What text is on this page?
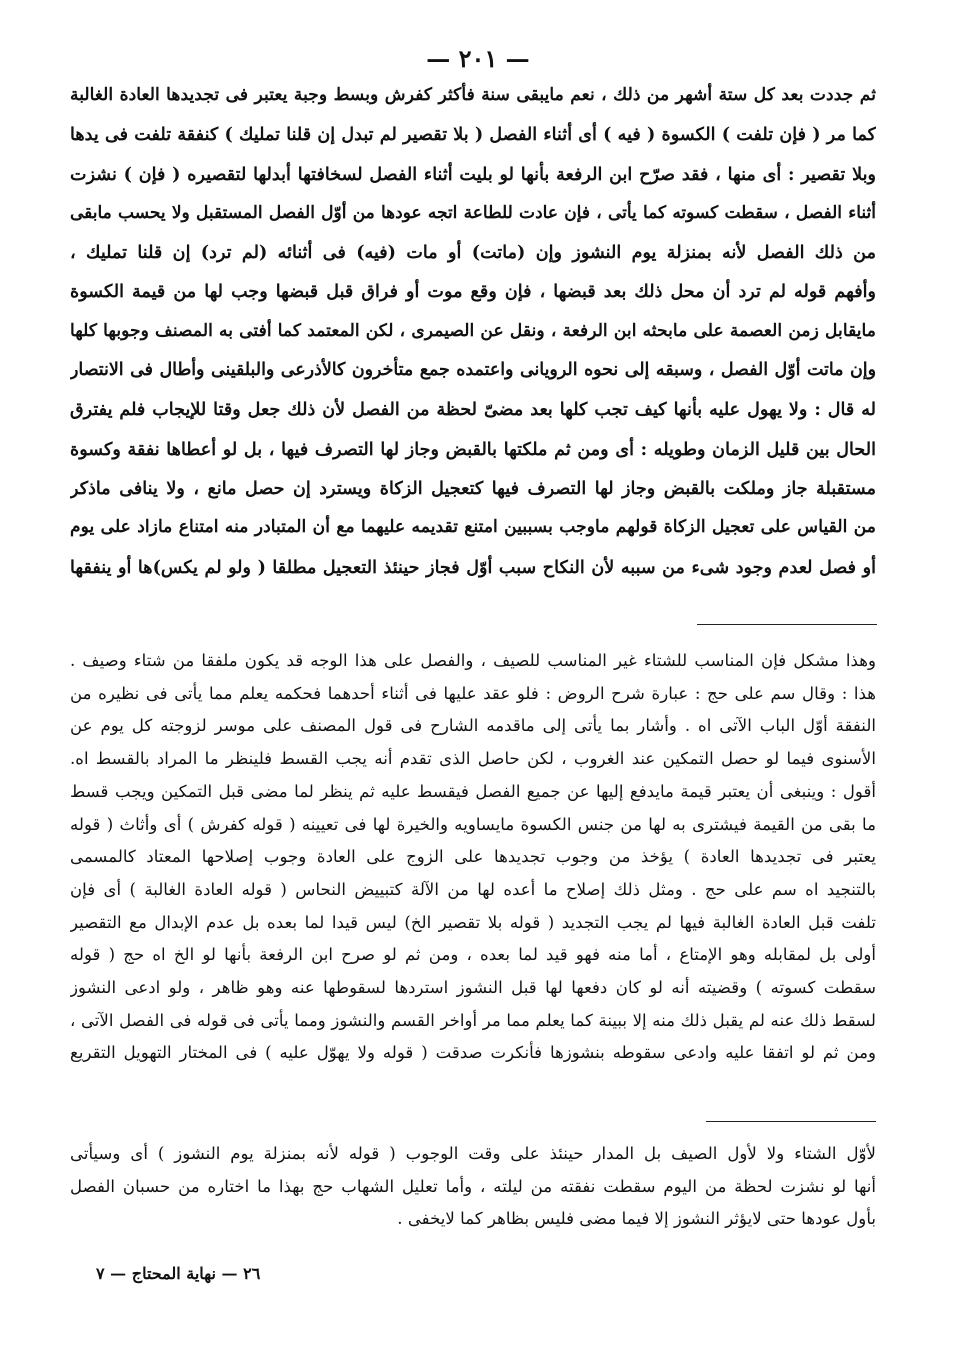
— ٢٠١ —
ثم جددت بعد كل ستة أشهر من ذلك ، نعم مايبقى سنة فأكثر كفرش وبسط وجبة يعتبر فى تجديدها العادة الغالبة
كما مر ( فإن تلفت ) الكسوة ( فيه ) أى أثناء الفصل ( بلا تقصير لم تبدل إن قلنا تمليك ) كنفقة تلفت فى يدها
وبلا تقصير : أى منها ، فقد صرّح ابن الرفعة بأنها لو بليت أثناء الفصل لسخافتها أبدلها لتقصيره ( فإن ) نشزت
أثناء الفصل ، سقطت كسوته كما يأتى ، فإن عادت للطاعة اتجه عودها من أوّل الفصل المستقبل ولا يحسب مابقى
من ذلك الفصل لأنه بمنزلة يوم النشوز وإن (ماتت) أو مات (فيه) فى أثنائه (لم ترد) إن قلنا تمليك ،
وأفهم قوله لم ترد أن محل ذلك بعد قبضها ، فإن وقع موت أو فراق قبل قبضها وجب لها من قيمة الكسوة
مايقابل زمن العصمة على مابحثه ابن الرفعة ، ونقل عن الصيمرى ، لكن المعتمد كما أفتى به المصنف وجوبها كلها
وإن ماتت أوّل الفصل ، وسبقه إلى نحوه الرويانى واعتمده جمع متأخرون كالأذرعى والبلقينى وأطال فى الانتصار
له قال : ولا يهول عليه بأنها كيف تجب كلها بعد مضىّ لحظة من الفصل لأن ذلك جعل وقتا للإيجاب فلم يفترق
الحال بين قليل الزمان وطويله : أى ومن ثم ملكتها بالقبض وجاز لها التصرف فيها ، بل لو أعطاها نفقة وكسوة
مستقبلة جاز وملكت بالقبض وجاز لها التصرف فيها كتعجيل الزكاة ويسترد إن حصل مانع ، ولا ينافى ماذكر
من القياس على تعجيل الزكاة قولهم ماوجب بسببين امتنع تقديمه عليهما مع أن المتبادر منه امتناع مازاد على يوم
أو فصل لعدم وجود شىء من سببه لأن النكاح سبب أوّل فجاز حينئذ التعجيل مطلقا ( ولو لم يكس)ها أو ينفقها
وهذا مشكل فإن المناسب للشتاء غير المناسب للصيف ، والفصل على هذا الوجه قد يكون ملفقا من شتاء وصيف .
هذا : وقال سم على حج : عبارة شرح الروض : فلو عقد عليها فى أثناء أحدهما فحكمه يعلم مما يأتى فى نظيره من
النفقة أوّل الباب الآتى اه . وأشار بما يأتى إلى ماقدمه الشارح فى قول المصنف على موسر لزوجته كل يوم عن
الأسنوى فيما لو حصل التمكين عند الغروب ، لكن حاصل الذى تقدم أنه يجب القسط فلينظر ما المراد بالقسط اه.
أقول : وينبغى أن يعتبر قيمة مايدفع إليها عن جميع الفصل فيقسط عليه ثم ينظر لما مضى قبل التمكين ويجب قسط
ما بقى من القيمة فيشترى به لها من جنس الكسوة مايساويه والخيرة لها فى تعيينه ( قوله كفرش ) أى وأثاث ( قوله
يعتبر فى تجديدها العادة ) يؤخذ من وجوب تجديدها على الزوج على العادة وجوب إصلاحها المعتاد كالمسمى
بالتنجيد اه سم على حج . ومثل ذلك إصلاح ما أعده لها من الآلة كتبييض النحاس ( قوله العادة الغالبة ) أى فإن
تلفت قبل العادة الغالبة فيها لم يجب التجديد ( قوله بلا تقصير الخ) ليس قيدا لما بعده بل عدم الإبدال مع التقصير
أولى بل لمقابله وهو الإمتاع ، أما منه فهو قيد لما بعده ، ومن ثم لو صرح ابن الرفعة بأنها لو الخ اه حج ( قوله
سقطت كسوته ) وقضيته أنه لو كان دفعها لها قبل النشوز استردها لسقوطها عنه وهو ظاهر ، ولو ادعى النشوز
لسقط ذلك عنه لم يقبل ذلك منه إلا ببينة كما يعلم مما مر أواخر القسم والنشوز ومما يأتى فى قوله فى الفصل الآتى ،
ومن ثم لو اتفقا عليه وادعى سقوطه بنشوزها فأنكرت صدقت ( قوله ولا يهوّل عليه ) فى المختار التهويل التقريع
لأوّل الشتاء ولا لأول الصيف بل المدار حينئذ على وقت الوجوب ( قوله لأنه بمنزلة يوم النشوز ) أى وسيأتى
أنها لو نشزت لحظة من اليوم سقطت نفقته من ليلته ، وأما تعليل الشهاب حج بهذا ما اختاره من حسبان الفصل
بأول عودها حتى لايؤثر النشوز إلا فيما مضى فليس بظاهر كما لايخفى .
٢٦ — نهاية المحتاج — ٧
